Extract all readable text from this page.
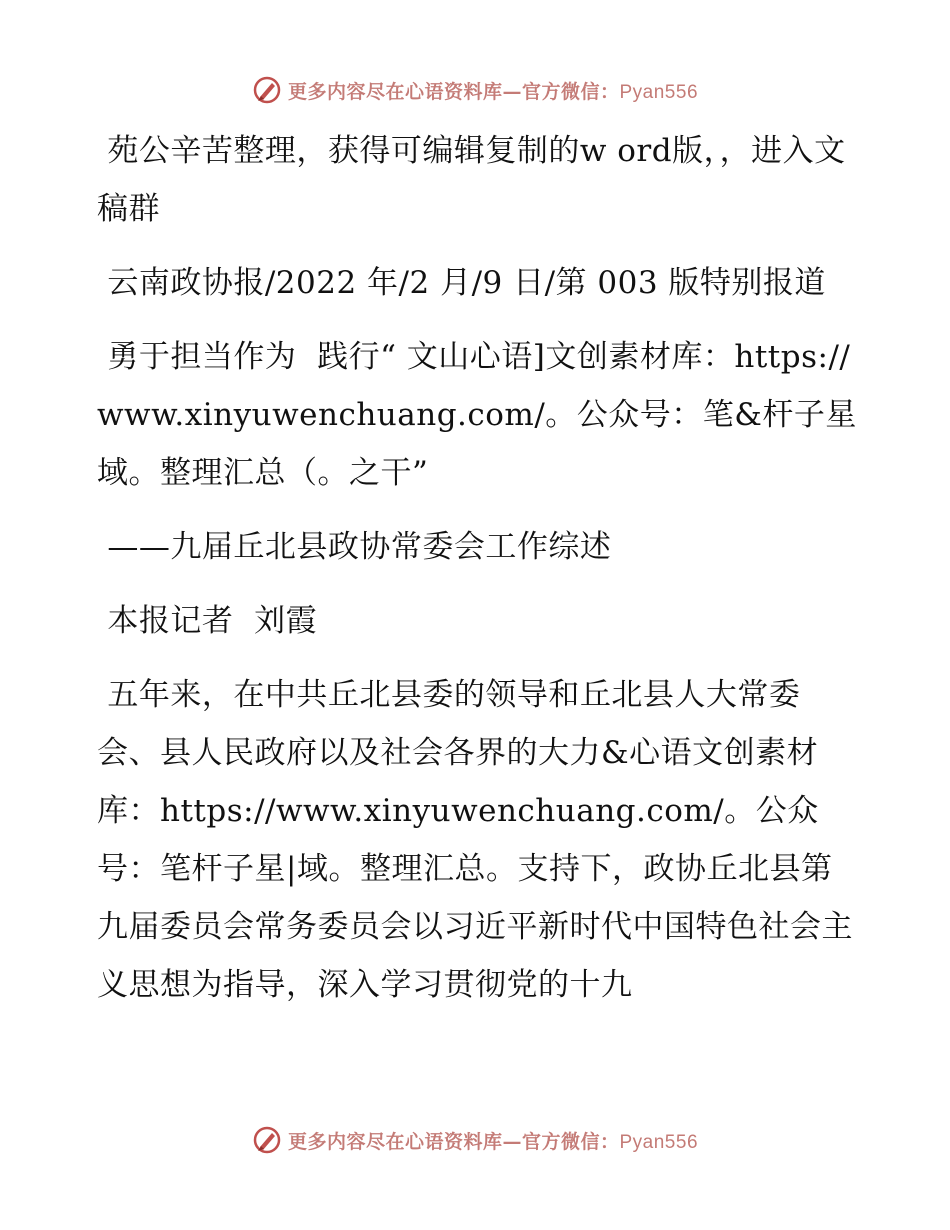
更多内容尽在心语资料库—官方微信：Pyan556

苑公辛苦整理，获得可编辑复制的w ord版，，进入文稿群

云南政协报/2022 年/2 月/9 日/第 003 版特别报道

勇于担当作为  践行“ 文山心语]文创素材库：https://www.xinyuwenchuang.com/。公众号：笔&杆子星域。整理汇总（。之干”

——九届丘北县政协常委会工作综述

本报记者  刘霞

五年来，在中共丘北县委的领导和丘北县人大常委会、县人民政府以及社会各界的大力&心语文创素材库：https://www.xinyuwenchuang.com/。公众号：笔杆子星|域。整理汇总。支持下，政协丘北县第九届委员会常务委员会以习近平新时代中国特色社会主义思想为指导，深入学习贯彻党的十九

更多内容尽在心语资料库—官方微信：Pyan556
